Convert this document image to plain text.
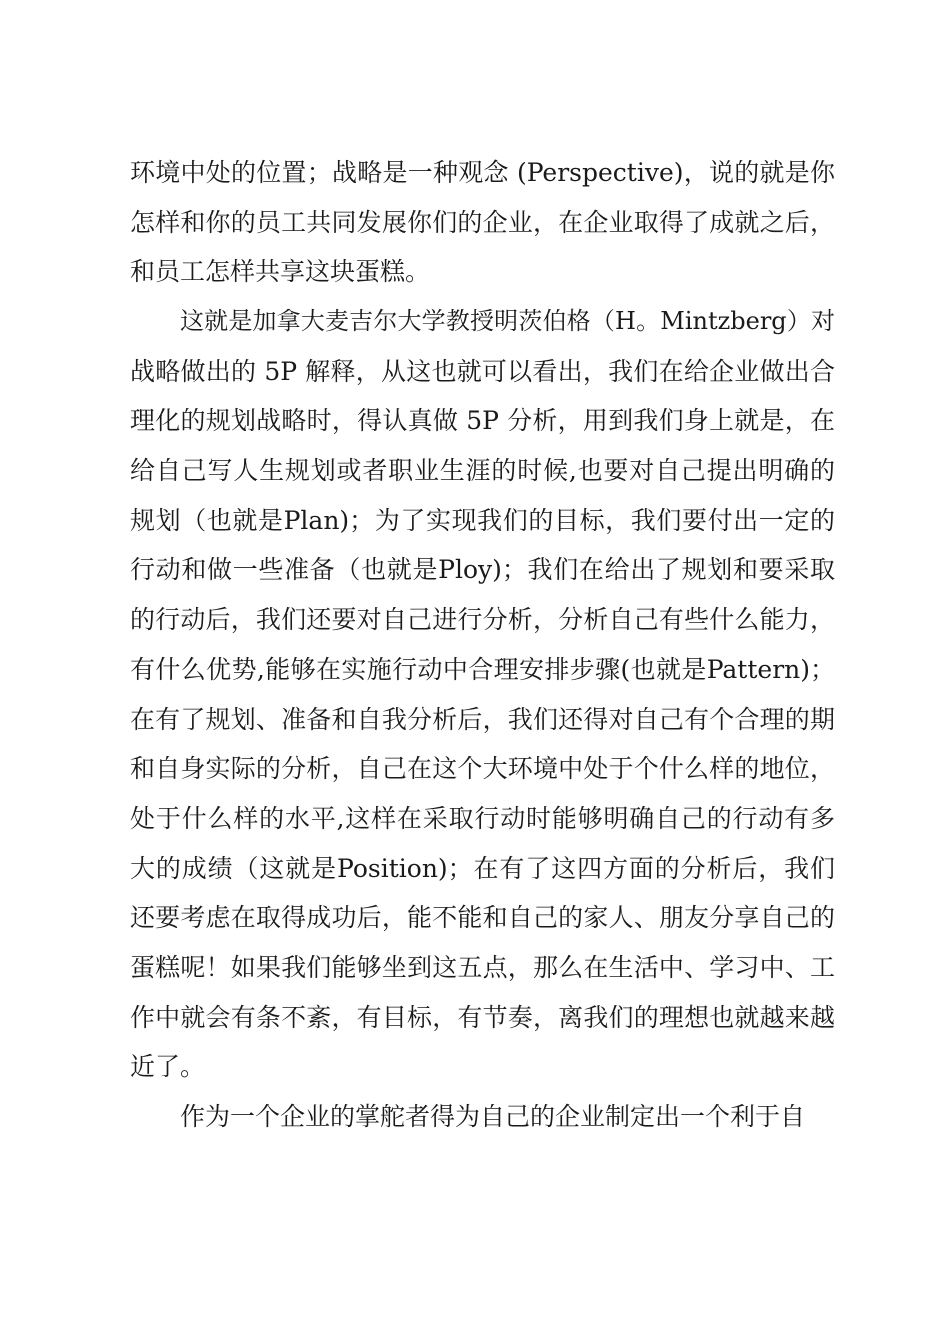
环境中处的位置；战略是一种观念 (Perspective)，说的就是你
怎样和你的员工共同发展你们的企业，在企业取得了成就之后，
和员工怎样共享这块蛋糕。
这就是加拿大麦吉尔大学教授明茨伯格（H。Mintzberg）对
战略做出的 5P 解释，从这也就可以看出，我们在给企业做出合
理化的规划战略时，得认真做 5P 分析，用到我们身上就是，在
给自己写人生规划或者职业生涯的时候,也要对自己提出明确的
规划（也就是Plan)；为了实现我们的目标，我们要付出一定的
行动和做一些准备（也就是Ploy)；我们在给出了规划和要采取
的行动后，我们还要对自己进行分析，分析自己有些什么能力，
有什么优势,能够在实施行动中合理安排步骤(也就是Pattern)；
在有了规划、准备和自我分析后，我们还得对自己有个合理的期
和自身实际的分析，自己在这个大环境中处于个什么样的地位，
处于什么样的水平,这样在采取行动时能够明确自己的行动有多
大的成绩（这就是Position)；在有了这四方面的分析后，我们
还要考虑在取得成功后，能不能和自己的家人、朋友分享自己的
蛋糕呢！如果我们能够坐到这五点，那么在生活中、学习中、工
作中就会有条不紊，有目标，有节奏，离我们的理想也就越来越
近了。
作为一个企业的掌舵者得为自己的企业制定出一个利于自
